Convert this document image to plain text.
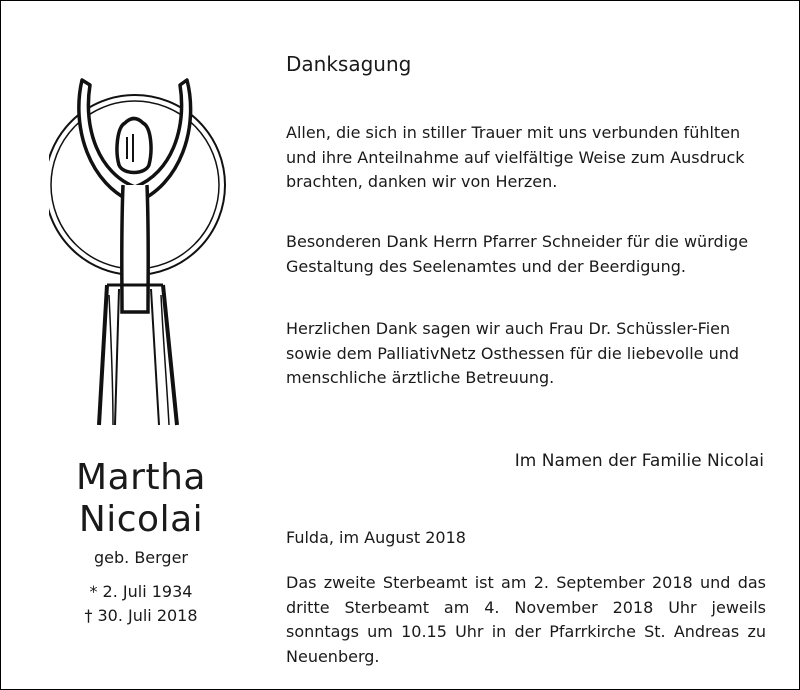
Martha
Nicolai
geb. Berger
* 2. Juli 1934
† 30. Juli 2018
Danksagung
Allen, die sich in stiller Trauer mit uns verbunden fühlten und ihre Anteilnahme auf vielfältige Weise zum Ausdruck brachten, danken wir von Herzen.
Besonderen Dank Herrn Pfarrer Schneider für die würdige Gestaltung des Seelenamtes und der Beerdigung.
Herzlichen Dank sagen wir auch Frau Dr. Schüssler-Fien sowie dem PalliativNetz Osthessen für die liebevolle und menschliche ärztliche Betreuung.
Im Namen der Familie Nicolai
Fulda, im August 2018
Das zweite Sterbeamt ist am 2. September 2018 und das dritte Sterbeamt am 4. November 2018 Uhr jeweils sonntags um 10.15 Uhr in der Pfarrkirche St. Andreas zu Neuenberg.
